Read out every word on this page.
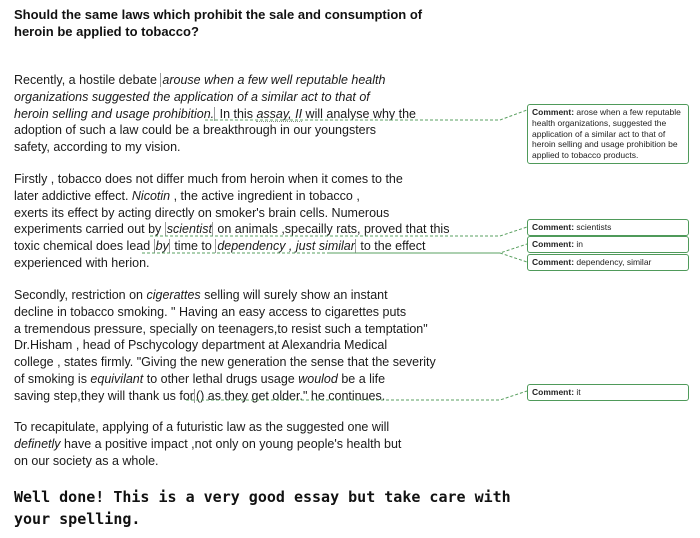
Should the same laws which prohibit the sale and consumption of heroin be applied to tobacco?
Recently, a hostile debate arouse when a few well reputable health
organizations suggested the application of a similar act to that of
heroin selling and usage prohibition. In this assay, II will analyse why the
adoption of such a law could be a breakthrough in our youngsters
safety, according to my vision.
Firstly , tobacco does not differ much from heroin when it comes to the
later addictive effect. Nicotin , the active ingredient in tobacco ,
exerts its effect by acting directly on smoker's brain cells. Numerous
experiments carried out by scientist on animals ,specailly rats, proved that this
toxic chemical does lead by time to dependency , just similar to the effect
experienced with herion.
Secondly, restriction on cigerattes selling will surely show an instant
decline in tobacco smoking. " Having an easy access to cigarettes puts
a tremendous pressure, specially on teenagers,to resist such a temptation"
Dr.Hisham , head of Pschycology department at Alexandria Medical
college , states firmly. "Giving the new generation the sense that the severity
of smoking is equivilant to other lethal drugs usage woulod be a life
saving step,they will thank us for () as they get older." he continues.
To recapitulate, applying of a futuristic law as the suggested one will
definetly have a positive impact ,not only on young people's health but
on our society as a whole.
Well done! This is a very good essay but take care with
your spelling.
Comment: arose when a few reputable health organizations, suggested the application of a similar act to that of heroin selling and usage prohibition be applied to tobacco products.
Comment: scientists
Comment: in
Comment: dependency, similar
Comment: it
